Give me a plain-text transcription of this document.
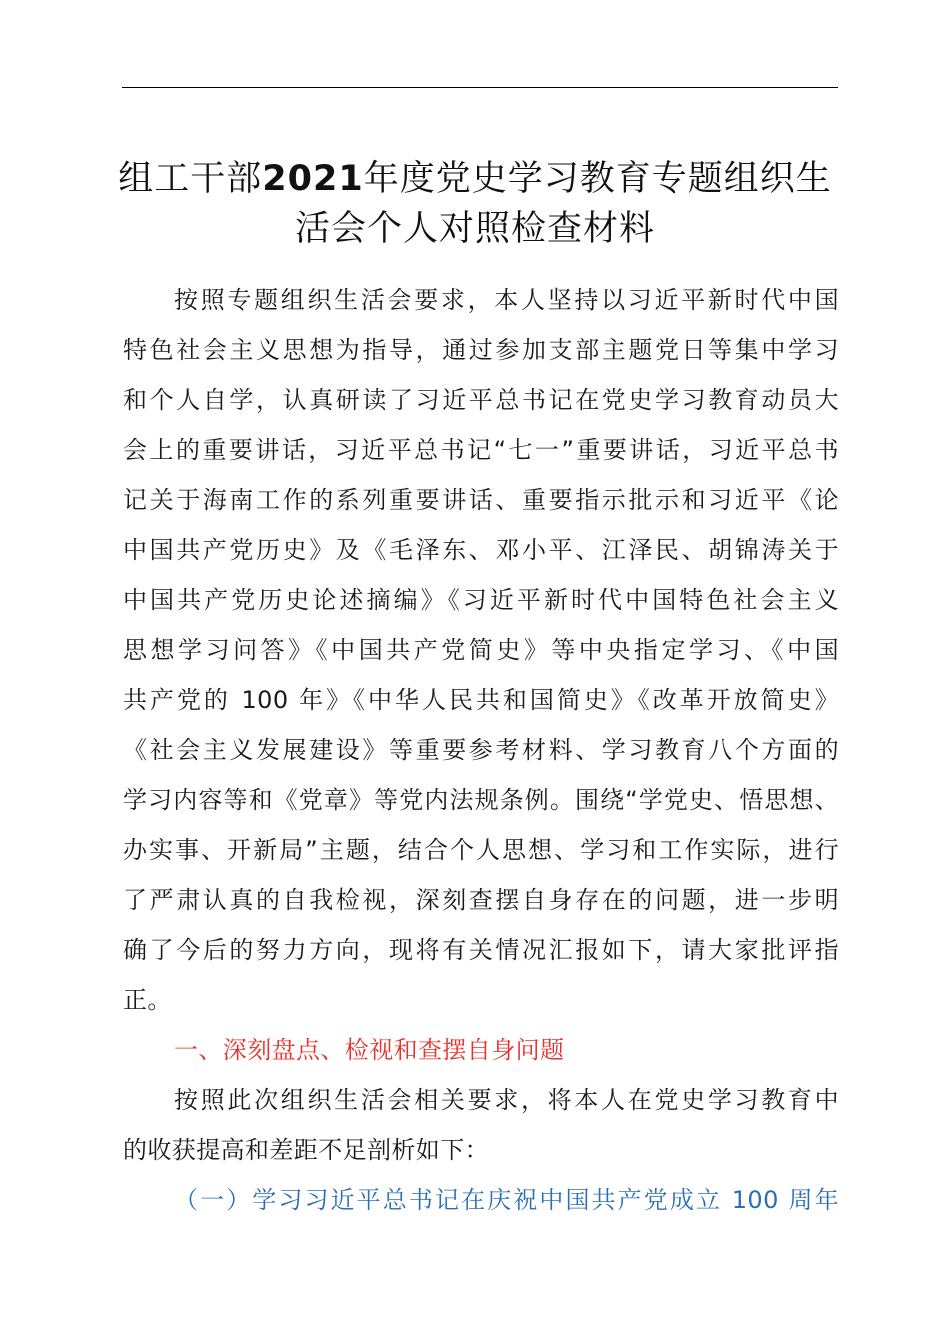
组工干部2021年度党史学习教育专题组织生
活会个人对照检查材料
按照专题组织生活会要求，本人坚持以习近平新时代中国
特色社会主义思想为指导，通过参加支部主题党日等集中学习
和个人自学，认真研读了习近平总书记在党史学习教育动员大
会上的重要讲话，习近平总书记“七一”重要讲话，习近平总书
记关于海南工作的系列重要讲话、重要指示批示和习近平《论
中国共产党历史》及《毛泽东、邓小平、江泽民、胡锦涛关于
中国共产党历史论述摘编》《习近平新时代中国特色社会主义
思想学习问答》《中国共产党简史》等中央指定学习、《中国
共产党的 100 年》《中华人民共和国简史》《改革开放简史》
《社会主义发展建设》等重要参考材料、学习教育八个方面的
学习内容等和《党章》等党内法规条例。围绕“学党史、悟思想、
办实事、开新局”主题，结合个人思想、学习和工作实际，进行
了严肃认真的自我检视，深刻查摆自身存在的问题，进一步明
确了今后的努力方向，现将有关情况汇报如下，请大家批评指
正。
一、深刻盘点、检视和查摆自身问题
按照此次组织生活会相关要求，将本人在党史学习教育中
的收获提高和差距不足剖析如下：
（一）学习习近平总书记在庆祝中国共产党成立 100 周年
